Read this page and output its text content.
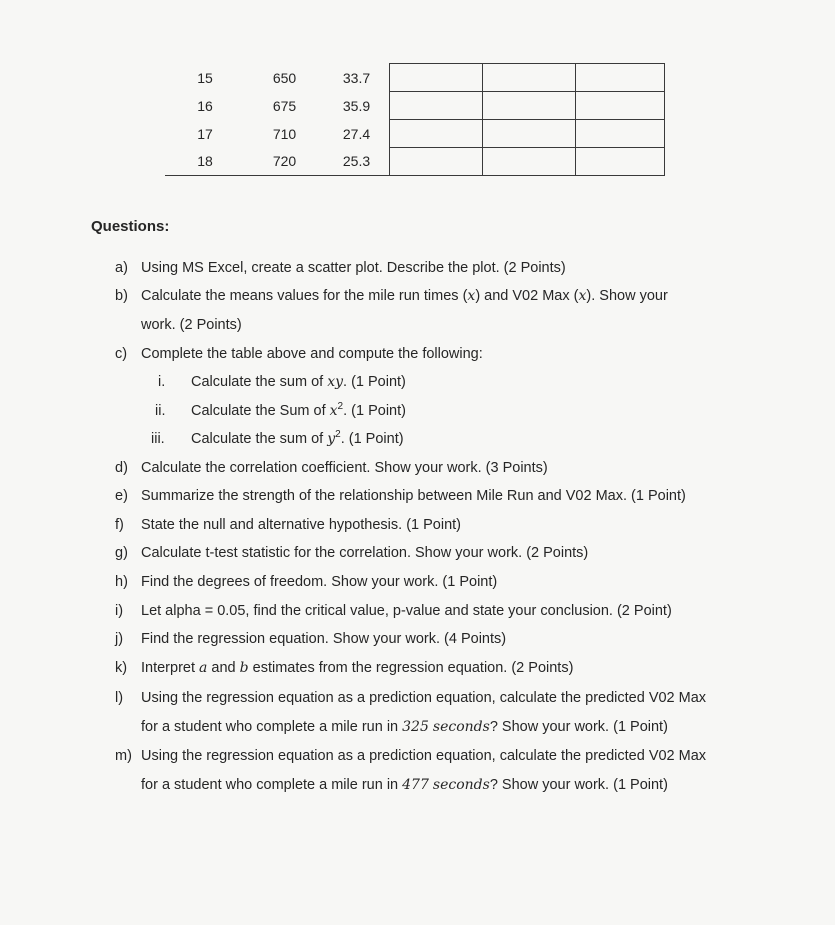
15	650	33.7			
16	675	35.9			
17	710	27.4			
18	720	25.3			
Questions:
a) Using MS Excel, create a scatter plot. Describe the plot. (2 Points)
b) Calculate the means values for the mile run times (x) and V02 Max (x). Show your
work. (2 Points)
c) Complete the table above and compute the following:
i. Calculate the sum of xy. (1 Point)
ii. Calculate the Sum of $x^2$. (1 Point)
iii. Calculate the sum of $y^2$. (1 Point)
d) Calculate the correlation coefficient. Show your work. (3 Points)
e) Summarize the strength of the relationship between Mile Run and V02 Max. (1 Point)
f) State the null and alternative hypothesis. (1 Point)
g) Calculate t-test statistic for the correlation. Show your work. (2 Points)
h) Find the degrees of freedom. Show your work. (1 Point)
i) Let alpha = 0.05, find the critical value, p-value and state your conclusion. (2 Point)
j) Find the regression equation. Show your work. (4 Points)
k) Interpret a and b estimates from the regression equation. (2 Points)
l) Using the regression equation as a prediction equation, calculate the predicted V02 Max
for a student who complete a mile run in 325 seconds? Show your work. (1 Point)
m) Using the regression equation as a prediction equation, calculate the predicted V02 Max
for a student who complete a mile run in 477 seconds? Show your work. (1 Point)
